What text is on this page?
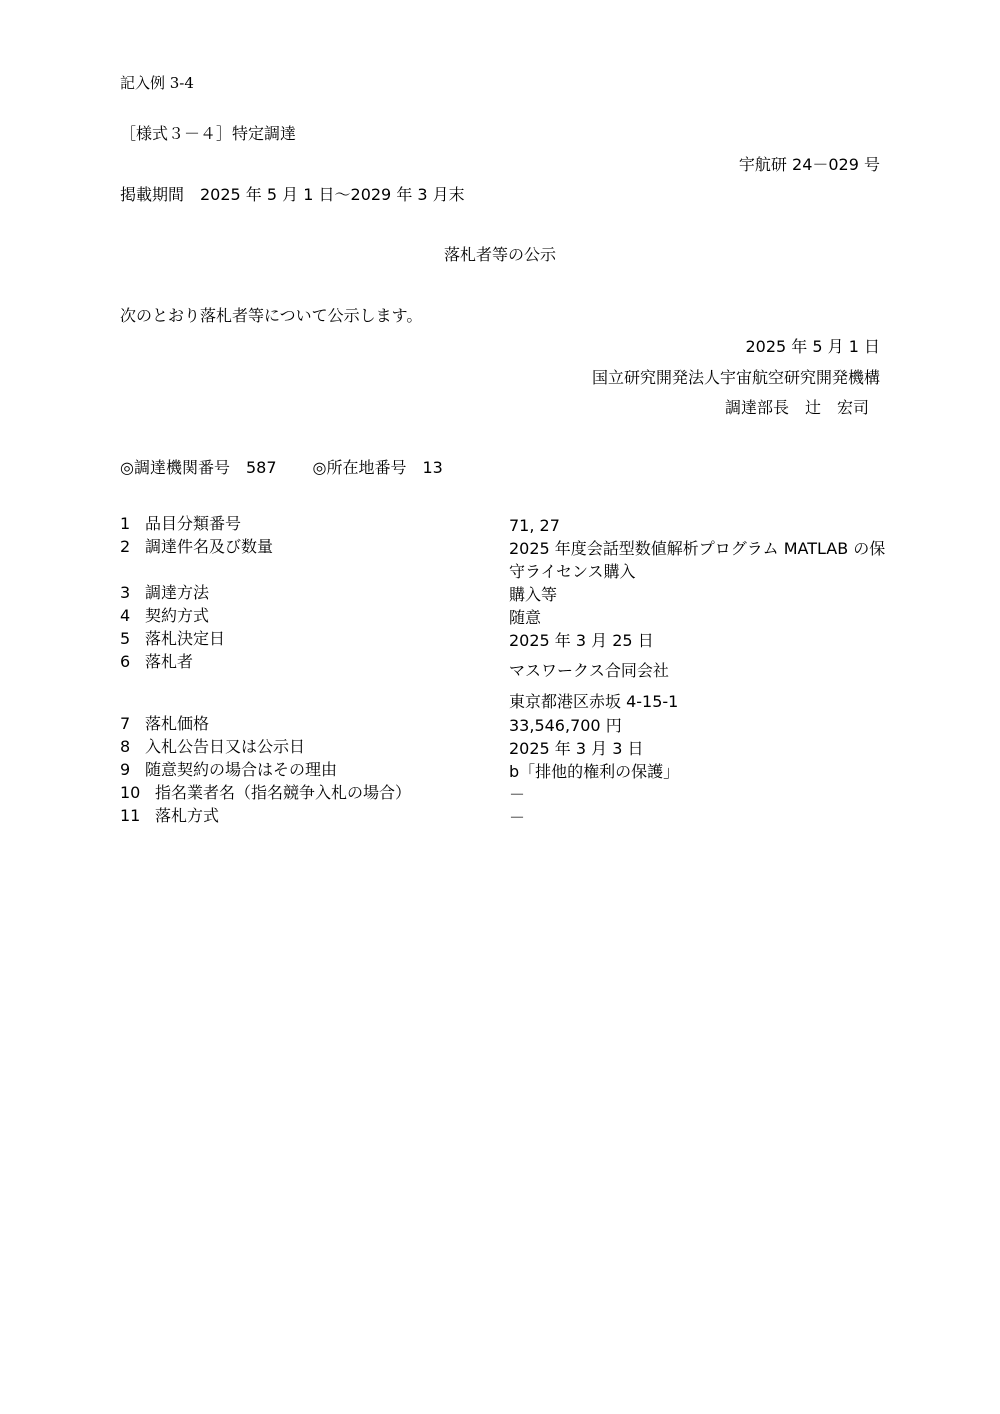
記入例 3-4
［様式３－４］特定調達
宇航研 24－029 号
掲載期間　2025 年 5 月 1 日～2029 年 3 月末
落札者等の公示
次のとおり落札者等について公示します。
2025 年 5 月 1 日
国立研究開発法人宇宙航空研究開発機構
調達部長　辻　宏司
◎調達機関番号　587 ◎所在地番号　13
1 品目分類番号	71, 27
2 調達件名及び数量	2025 年度会話型数値解析プログラム MATLAB の保守ライセンス購入
3 調達方法	購入等
4 契約方式	随意
5 落札決定日	2025 年 3 月 25 日
6 落札者	マスワークス合同会社
東京都港区赤坂 4-15-1
7 落札価格	33,546,700 円
8 入札公告日又は公示日	2025 年 3 月 3 日
9 随意契約の場合はその理由	b「排他的権利の保護」
10 指名業者名（指名競争入札の場合）	－
11 落札方式	－
